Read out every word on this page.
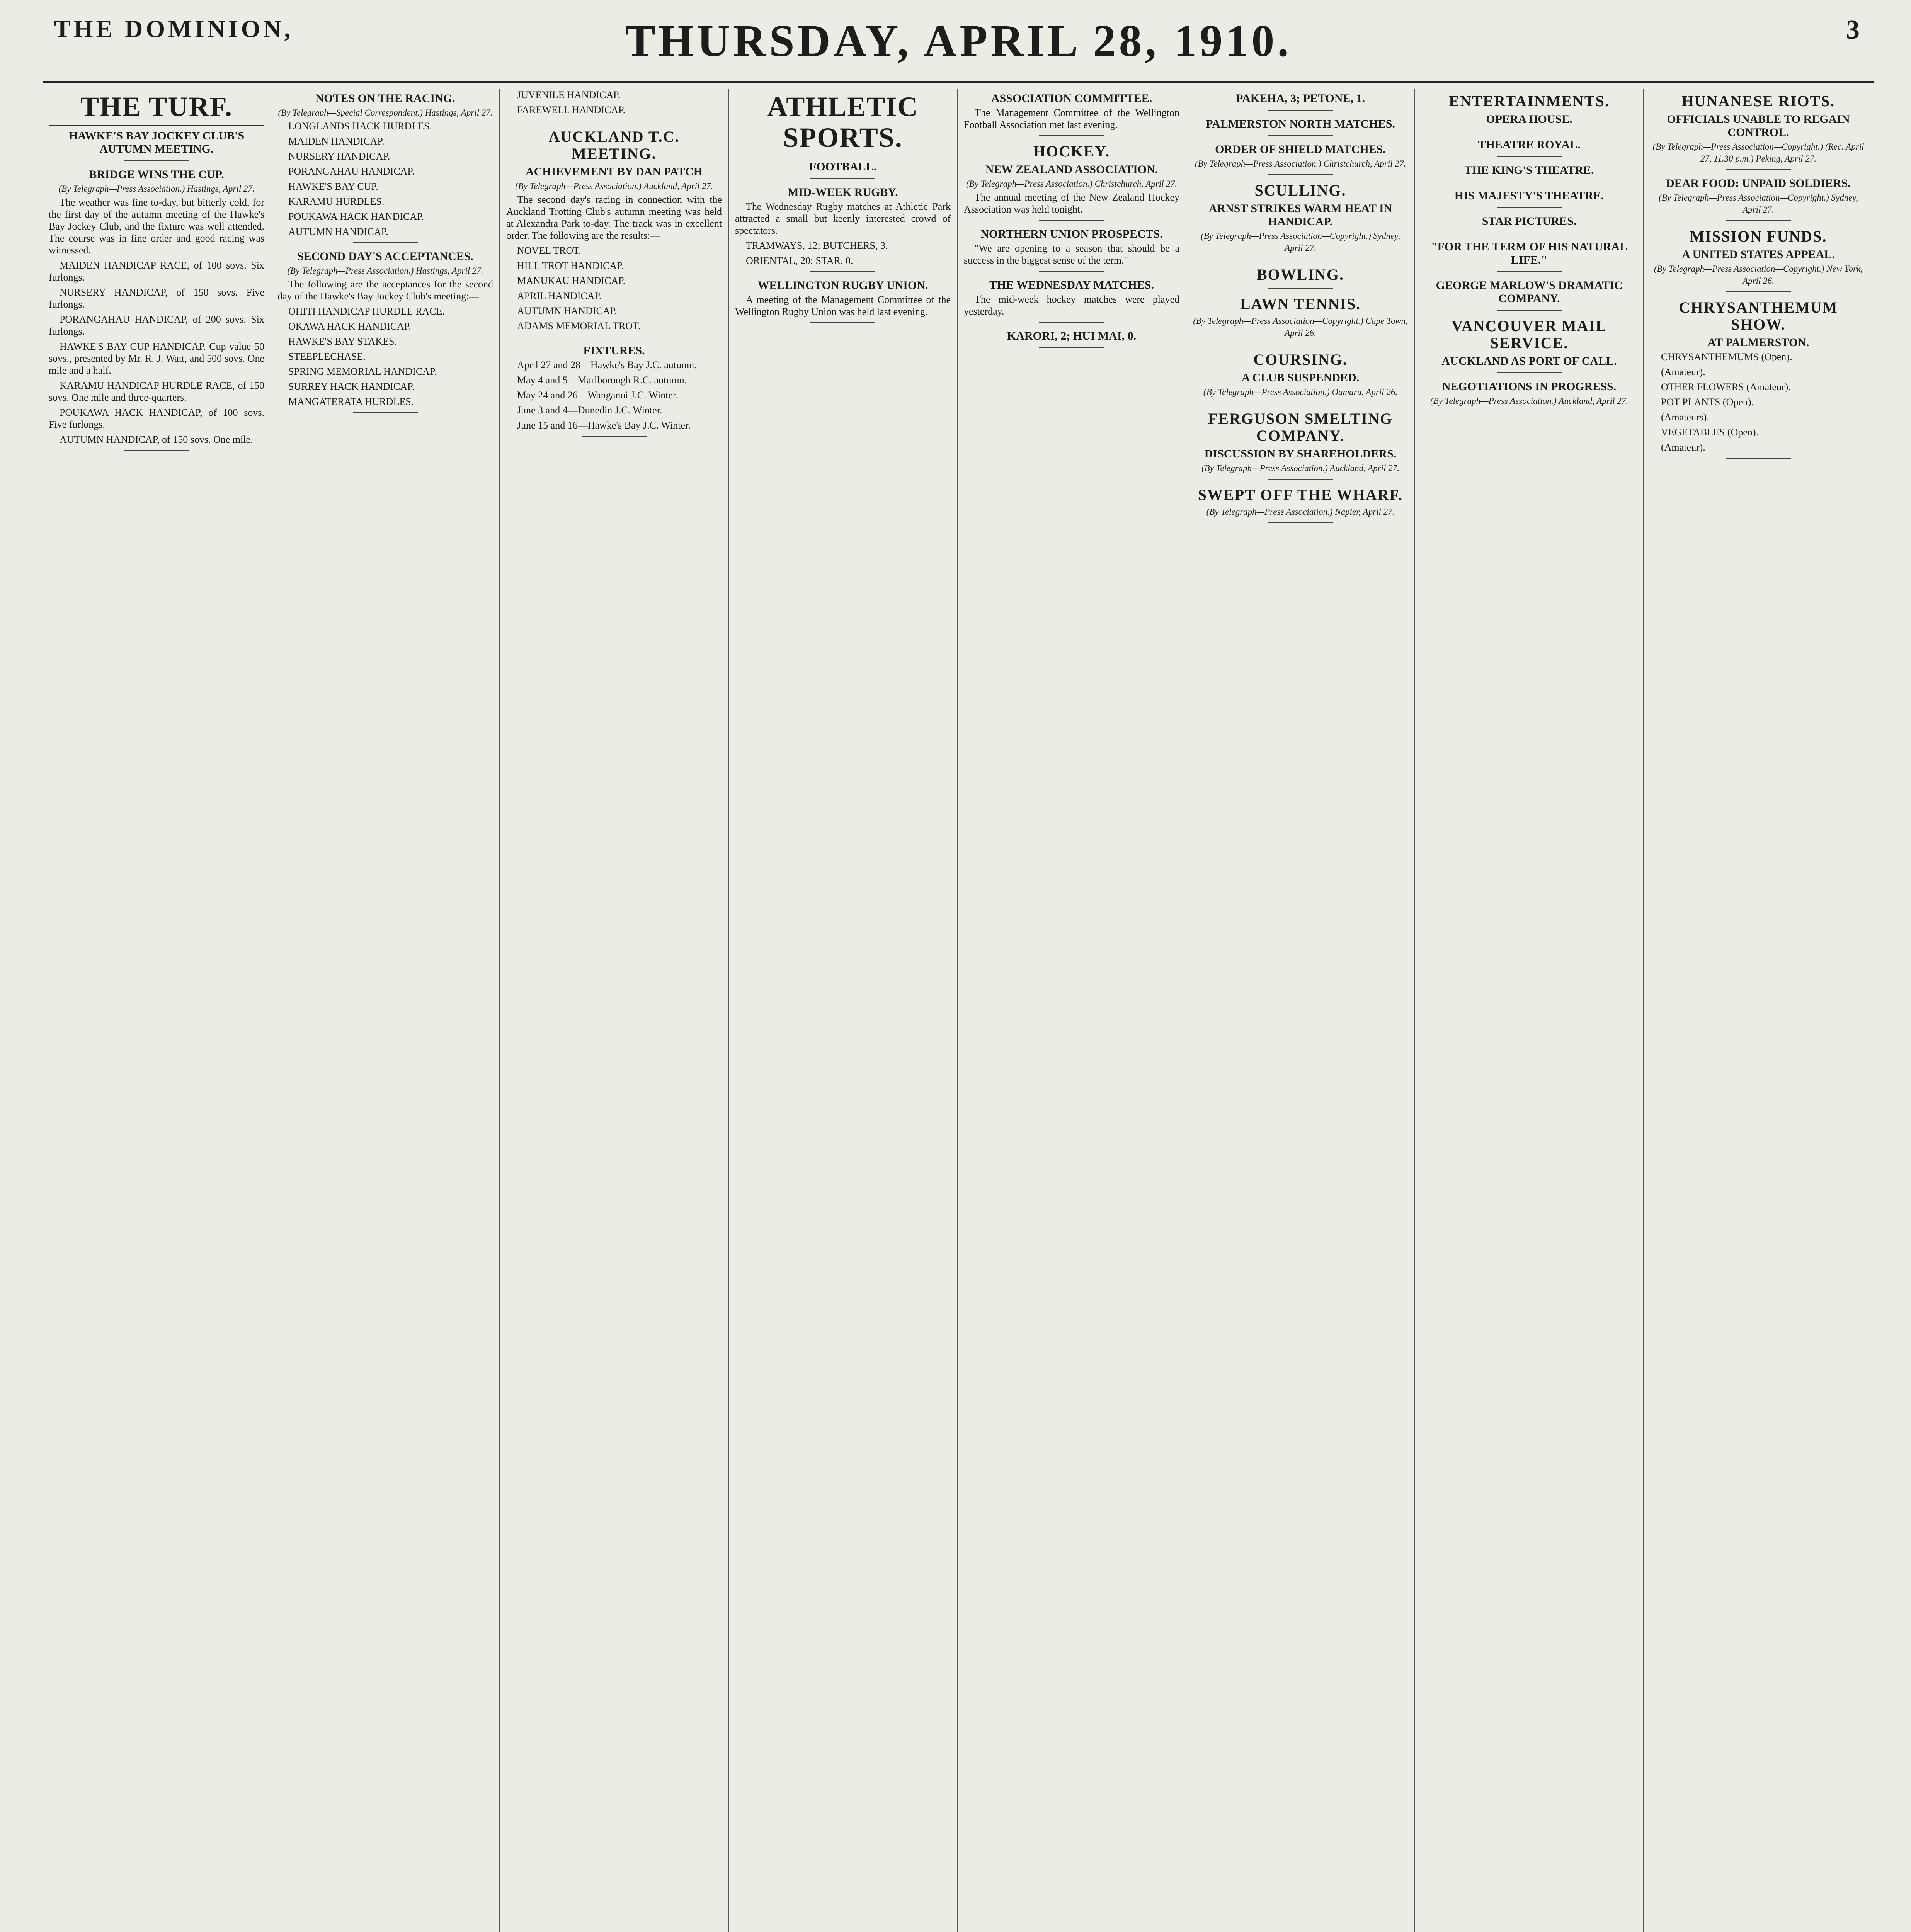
THE DOMINION,	THURSDAY, APRIL 28, 1910.	3
THE TURF.
HAWKE'S BAY JOCKEY CLUB'S AUTUMN MEETING.
BRIDGE WINS THE CUP.
(By Telegraph—Press Association.) Hastings, April 27.

The weather was fine to-day, but bitterly cold, for the first day of the autumn meeting of the Hawke's Bay Jockey Club, and the fixture was well attended. The course was in fine order and good racing was witnessed.

MAIDEN HANDICAP RACE, of 100 sovs. Six furlongs.

NURSERY HANDICAP, of 150 sovs. Five furlongs.

PORANGAHAU HANDICAP, of 200 sovs. Six furlongs.

HAWKE'S BAY CUP HANDICAP. Cup value 50 sovs., presented by Mr. R. J. Watt, and 500 sovs. One mile and a half.

KARAMU HANDICAP HURDLE RACE, of 150 sovs. One mile and three-quarters.

POUKAWA HACK HANDICAP, of 100 sovs. Five furlongs.

AUTUMN HANDICAP, of 150 sovs. One mile.

NOTES ON THE RACING.
(By Telegraph—Special Correspondent.) Hastings, April 27.

LONGLANDS HACK HURDLES.

MAIDEN HANDICAP.

NURSERY HANDICAP.

PORANGAHAU HANDICAP.

HAWKE'S BAY CUP.

KARAMU HURDLES.

POUKAWA HACK HANDICAP.

AUTUMN HANDICAP.

SECOND DAY'S ACCEPTANCES.
(By Telegraph—Press Association.) Hastings, April 27.

The following are the acceptances for the second day of the Hawke's Bay Jockey Club's meeting:—

OHITI HANDICAP HURDLE RACE.

OKAWA HACK HANDICAP.

HAWKE'S BAY STAKES.

STEEPLECHASE.

SPRING MEMORIAL HANDICAP.

SURREY HACK HANDICAP.

MANGATERATA HURDLES.

JUVENILE HANDICAP.

FAREWELL HANDICAP.

AUCKLAND T.C. MEETING.
ACHIEVEMENT BY DAN PATCH
(By Telegraph—Press Association.) Auckland, April 27.

The second day's racing in connection with the Auckland Trotting Club's autumn meeting was held at Alexandra Park to-day. The track was in excellent order. The following are the results:—

NOVEL TROT.

HILL TROT HANDICAP.

MANUKAU HANDICAP.

APRIL HANDICAP.

AUTUMN HANDICAP.

ADAMS MEMORIAL TROT.

FIXTURES.

April 27 and 28—Hawke's Bay J.C. autumn.

May 4 and 5—Marlborough R.C. autumn.

May 24 and 26—Wanganui J.C. Winter.

June 3 and 4—Dunedin J.C. Winter.

June 15 and 16—Hawke's Bay J.C. Winter.

ATHLETIC SPORTS.
FOOTBALL.
MID-WEEK RUGBY.

The Wednesday Rugby matches at Athletic Park attracted a small but keenly interested crowd of spectators.

TRAMWAYS, 12; BUTCHERS, 3.

ORIENTAL, 20; STAR, 0.

WELLINGTON RUGBY UNION.

A meeting of the Management Committee of the Wellington Rugby Union was held last evening.

ASSOCIATION COMMITTEE.

The Management Committee of the Wellington Football Association met last evening.

HOCKEY.
NEW ZEALAND ASSOCIATION.
(By Telegraph—Press Association.) Christchurch, April 27.

The annual meeting of the New Zealand Hockey Association was held tonight.

NORTHERN UNION PROSPECTS.

"We are opening to a season that should be a success in the biggest sense of the term."

THE WEDNESDAY MATCHES.

The mid-week hockey matches were played yesterday.

KARORI, 2; HUI MAI, 0.
PAKEHA, 3; PETONE, 1.
PALMERSTON NORTH MATCHES.
ORDER OF SHIELD MATCHES.
(By Telegraph—Press Association.) Christchurch, April 27.
SCULLING.
ARNST STRIKES WARM HEAT IN HANDICAP.
(By Telegraph—Press Association—Copyright.) Sydney, April 27.
BOWLING.
LAWN TENNIS.
(By Telegraph—Press Association—Copyright.) Cape Town, April 26.
COURSING.
A CLUB SUSPENDED.
(By Telegraph—Press Association.) Oamaru, April 26.
FERGUSON SMELTING COMPANY.
DISCUSSION BY SHAREHOLDERS.
(By Telegraph—Press Association.) Auckland, April 27.
SWEPT OFF THE WHARF.
(By Telegraph—Press Association.) Napier, April 27.
ENTERTAINMENTS.
OPERA HOUSE.
THEATRE ROYAL.
THE KING'S THEATRE.
HIS MAJESTY'S THEATRE.
STAR PICTURES.
"FOR THE TERM OF HIS NATURAL LIFE."
GEORGE MARLOW'S DRAMATIC COMPANY.
VANCOUVER MAIL SERVICE.
AUCKLAND AS PORT OF CALL.
NEGOTIATIONS IN PROGRESS.
(By Telegraph—Press Association.) Auckland, April 27.
HUNANESE RIOTS.
OFFICIALS UNABLE TO REGAIN CONTROL.
(By Telegraph—Press Association—Copyright.) (Rec. April 27, 11.30 p.m.) Peking, April 27.
DEAR FOOD: UNPAID SOLDIERS.
(By Telegraph—Press Association—Copyright.) Sydney, April 27.
MISSION FUNDS.
A UNITED STATES APPEAL.
(By Telegraph—Press Association—Copyright.) New York, April 26.
CHRYSANTHEMUM SHOW.
AT PALMERSTON.

CHRYSANTHEMUMS (Open).

(Amateur).

OTHER FLOWERS (Amateur).

POT PLANTS (Open).

(Amateurs).

VEGETABLES (Open).

(Amateur).
